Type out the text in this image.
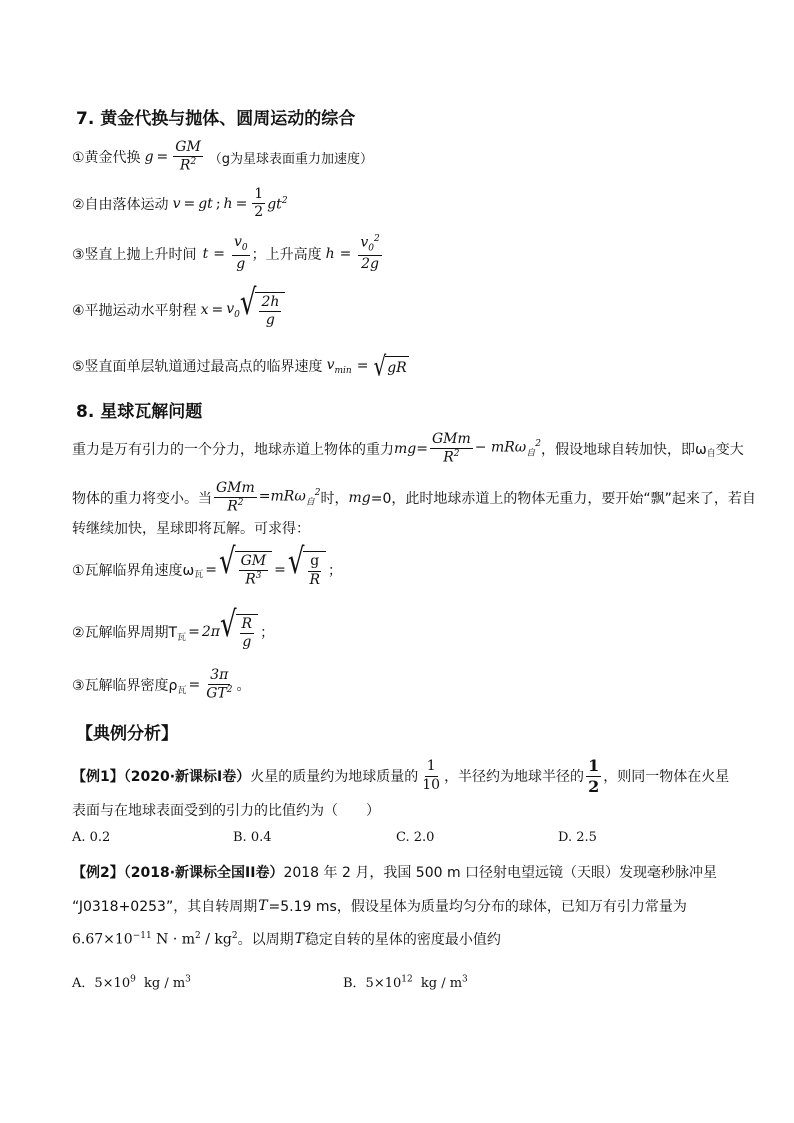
7. 黄金代换与抛体、圆周运动的综合
①黄金代换 $g = \frac{GM}{R^2} (g$为星球表面重力加速度）
②自由落体运动 v = gt ; $h = \frac{1}{2} gt^2$
③竖直上抛上升时间 $t = \frac{v_0}{g}$ ；上升高度 $h = \frac{v_0^2}{2g}$
④平抛运动水平射程 $x = v_0$ √ $\frac{2h}{g}$
⑤竖直面单层轨道通过最高点的临界速度 $v_{min}$ = √ gR
8. 星球瓦解问题
重力是万有引力的一个分力，地球赤道上物体的重力 mg = $\frac{\text{GMm}}{R^2} - mR\omega_自^2$ ，假设地球自转加快，即ω 自 变大
物体的重力将变小。当 $\frac{\text{GMm}}{R^2} =mR\omega_自^2$ 时， mg =0，此时地球赤道上的物体无重力，要开始“飘”起来了，若自
转继续加快，星球即将瓦解。可求得：
①瓦解临界角速度ω 瓦 = √ $\frac{GM}{R^3}$ = √ $\frac{g}{R}$ ；
②瓦解临界周期T 瓦 = 2π √ $\frac{R}{g}$ ；
③瓦解临界密度ρ 瓦 = $\frac{3\pi}{GT^2}$ 。
【典例分析】
【例1】（2020·新课标Ⅰ卷） 火星的质量约为地球质量的 $\frac{1}{10}$ ，半径约为地球半径的 $\frac{1}{2}$ ，则同一物体在火星
表面与在地球表面受到的引力的比值约为（　　）
A. 0.2	B. 0.4	C. 2.0	D. 2.5
【例2】（2018·新课标全国II卷） 2018 年 2 月，我国 500 m 口径射电望远镜（天眼）发现毫秒脉冲星
“J0318+0253”，其自转周期 T =5.19 ms，假设星体为质量均匀分布的球体，已知万有引力常量为
$6.67\times 10^{-11}$ $N \cdot m^2 / kg^2$ 。以周期 T 稳定自转的星体的密度最小值约
A．$5\times 10^9$ kg / $m^3$	B．$5\times 10^{12}$ kg / $m^3$
